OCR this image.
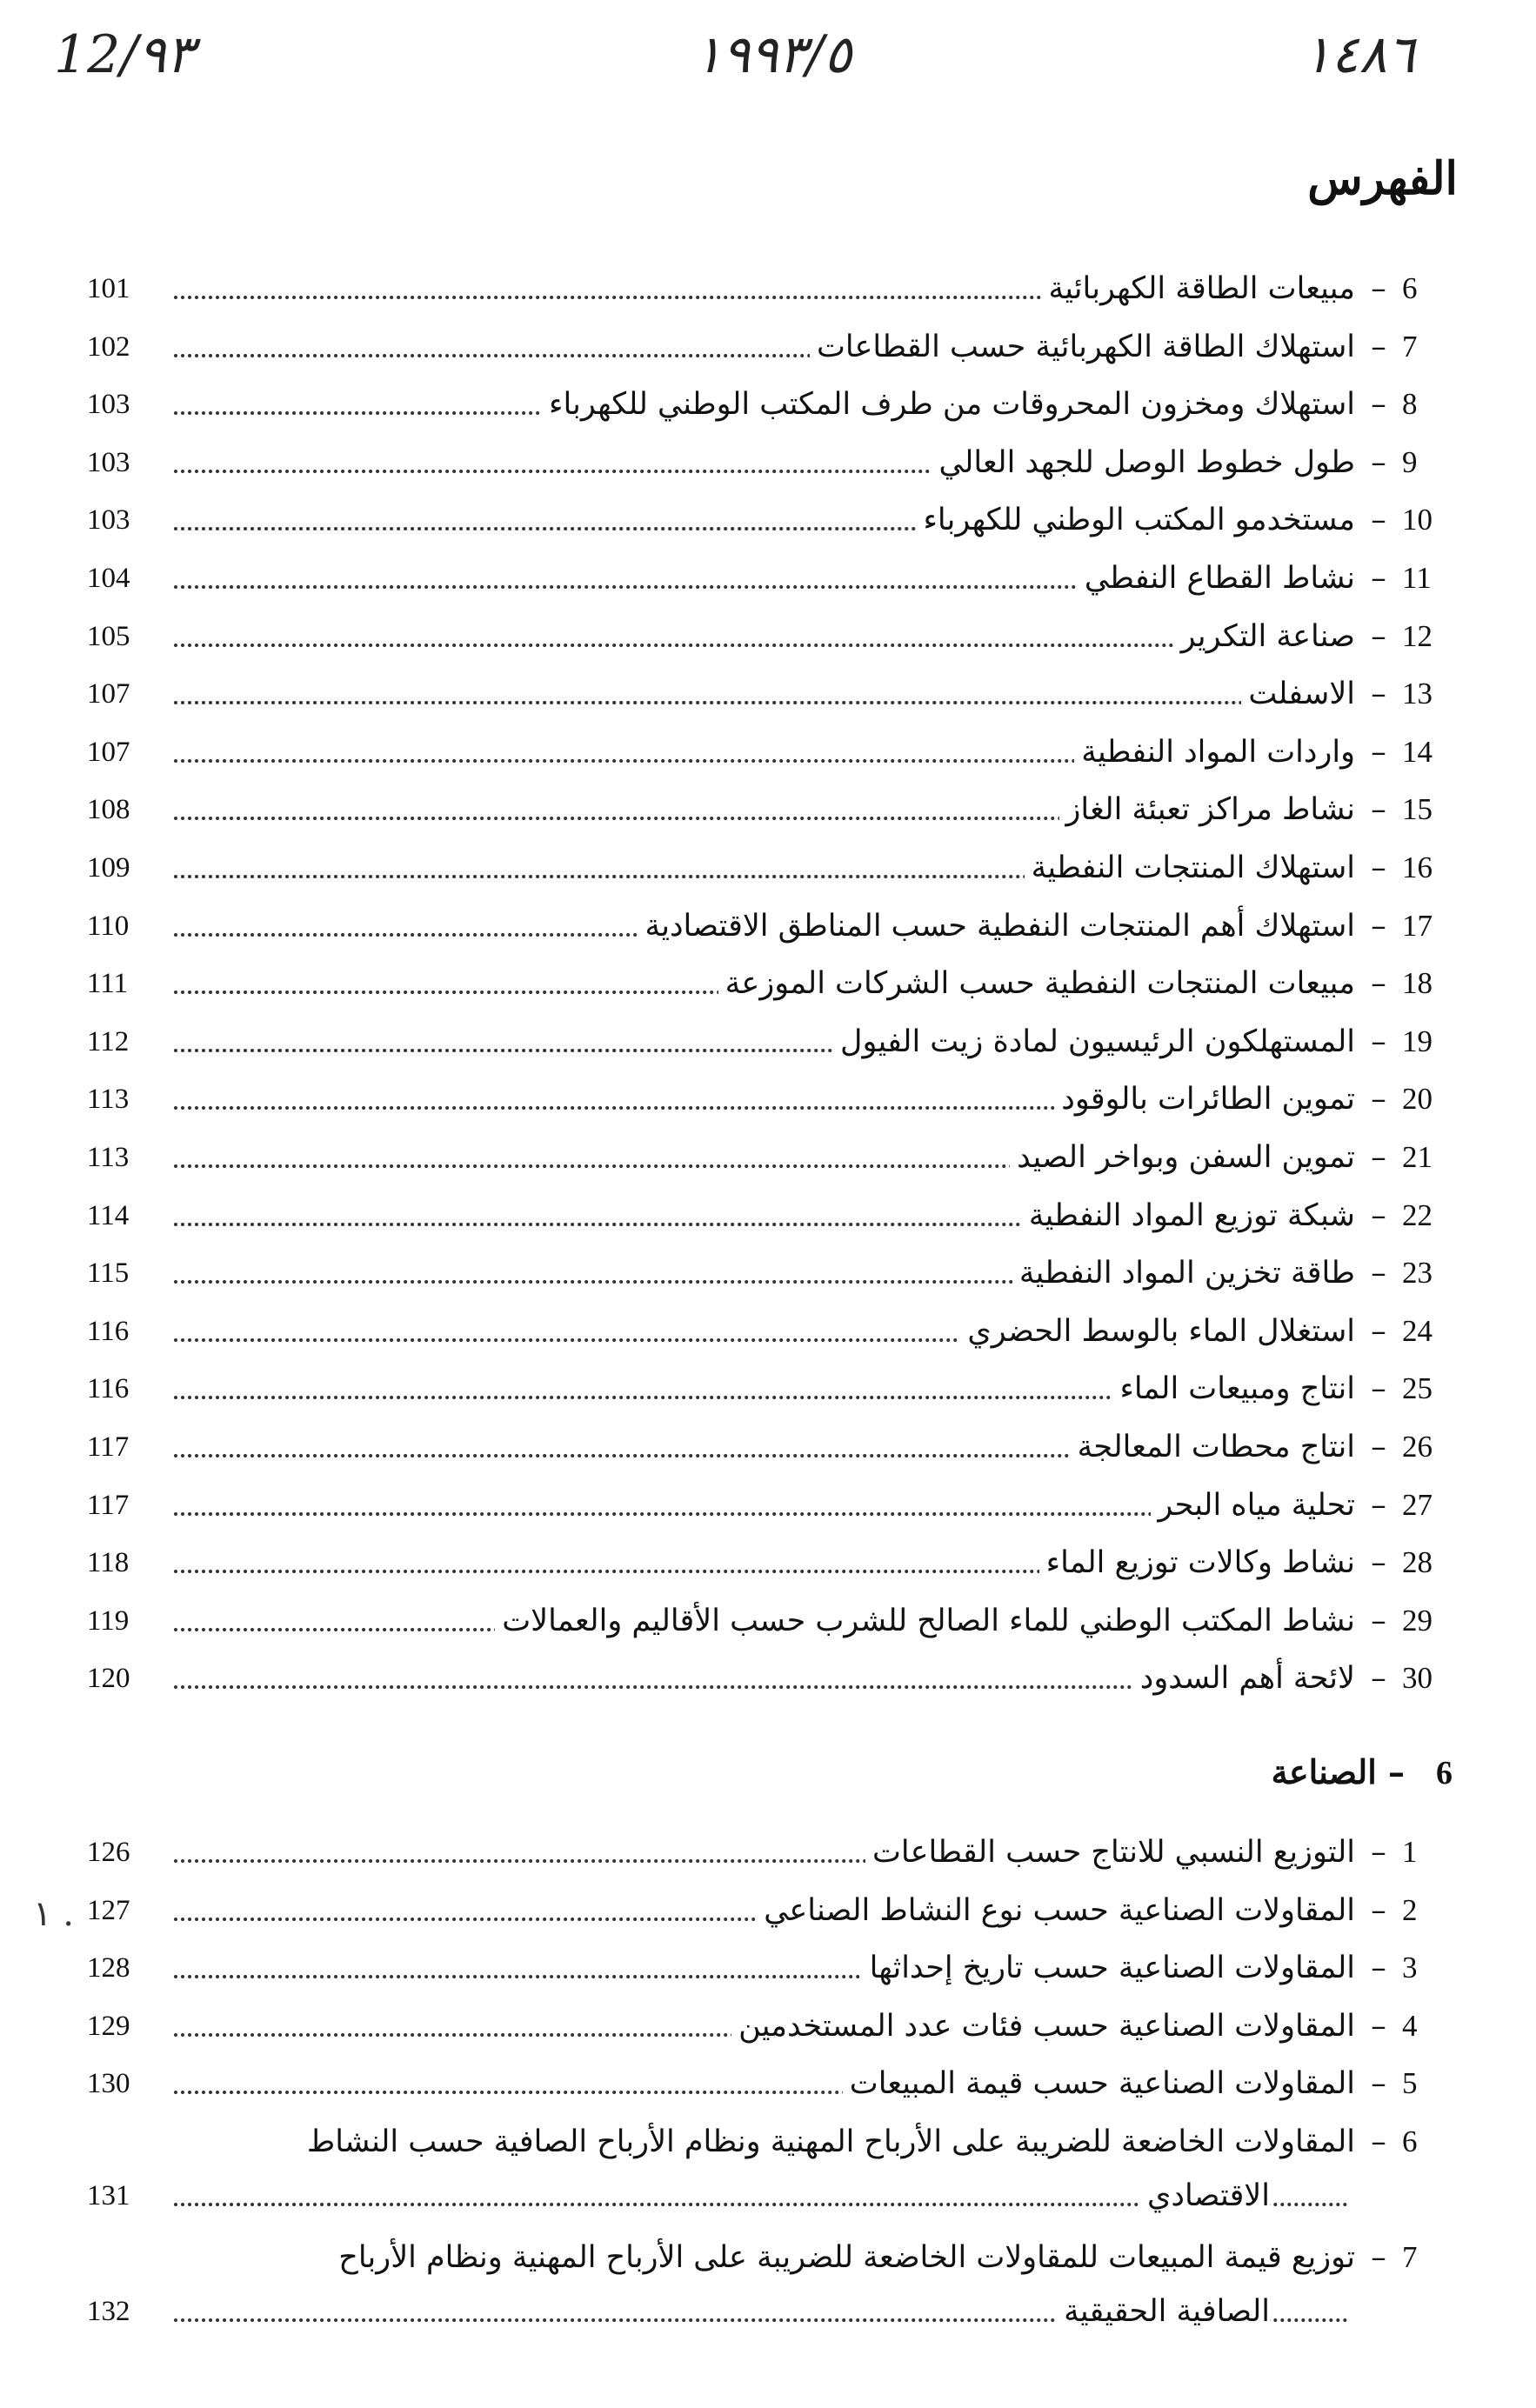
12/٩٣	١٩٩٣/٥	١٤٨٦
الفهرس
6
–
مبيعات الطاقة الكهربائية
101
7
–
استهلاك الطاقة الكهربائية حسب القطاعات
102
8
–
استهلاك ومخزون المحروقات من طرف المكتب الوطني للكهرباء
103
9
–
طول خطوط الوصل للجهد العالي
103
10
–
مستخدمو المكتب الوطني للكهرباء
103
11
–
نشاط القطاع النفطي
104
12
–
صناعة التكرير
105
13
–
الاسفلت
107
14
–
واردات المواد النفطية
107
15
–
نشاط مراكز تعبئة الغاز
108
16
–
استهلاك المنتجات النفطية
109
17
–
استهلاك أهم المنتجات النفطية حسب المناطق الاقتصادية
110
18
–
مبيعات المنتجات النفطية حسب الشركات الموزعة
111
19
–
المستهلكون الرئيسيون لمادة زيت الفيول
112
20
–
تموين الطائرات بالوقود
113
21
–
تموين السفن وبواخر الصيد
113
22
–
شبكة توزيع المواد النفطية
114
23
–
طاقة تخزين المواد النفطية
115
24
–
استغلال الماء بالوسط الحضري
116
25
–
انتاج ومبيعات الماء
116
26
–
انتاج محطات المعالجة
117
27
–
تحلية مياه البحر
117
28
–
نشاط وكالات توزيع الماء
118
29
–
نشاط المكتب الوطني للماء الصالح للشرب حسب الأقاليم والعمالات
119
30
–
لائحة أهم السدود
120
1
–
التوزيع النسبي للانتاج حسب القطاعات
126
2
–
المقاولات الصناعية حسب نوع النشاط الصناعي
127
3
–
المقاولات الصناعية حسب تاريخ إحداثها
128
4
–
المقاولات الصناعية حسب فئات عدد المستخدمين
129
5
–
المقاولات الصناعية حسب قيمة المبيعات
130
6
–
المقاولات الخاضعة للضريبة على الأرباح المهنية ونظام الأرباح الصافية حسب النشاط
الاقتصادي
131
7
–
توزيع قيمة المبيعات للمقاولات الخاضعة للضريبة على الأرباح المهنية ونظام الأرباح
الصافية الحقيقية
132
6– الصناعة
١ .
